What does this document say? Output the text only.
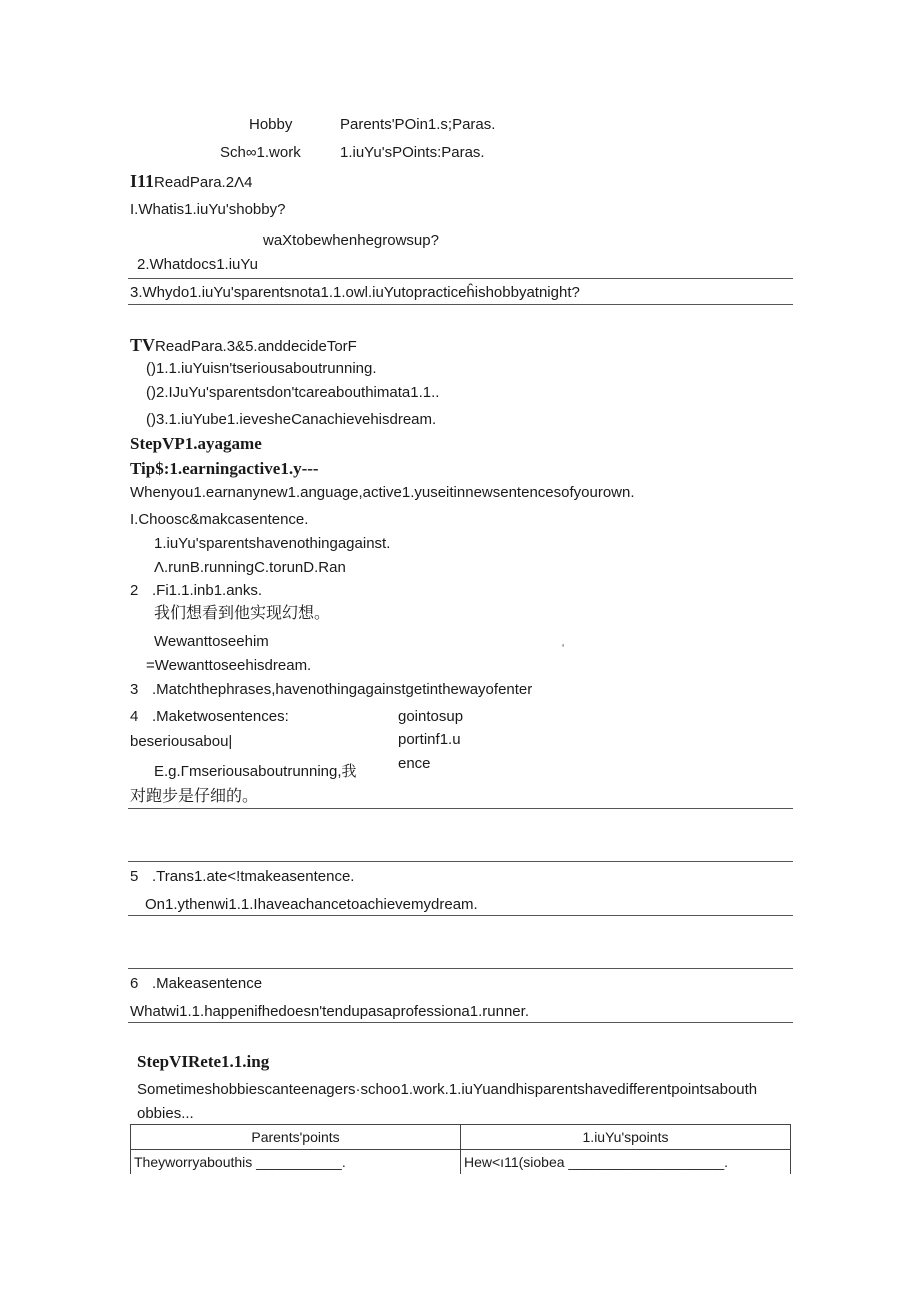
Hobby	Parents'POin1.s;Paras.
Sch∞1.work	1.iuYu'sPOints:Paras.
I11ReadPara.2Λ4
I.Whatis1.iuYu'shobby?
waXtobewhenhegrowsup?
2.Whatdocs1.iuYu
3.Whydo1.iuYu'sparentsnota1.1.owl.iuYutopracticeĥishobbyatnight?
TVReadPara.3&5.anddecideTorF
()1.1.iuYuisn'tseriousaboutrunning.
()2.IJuYu'sparentsdon'tcareabouthimata1.1..
()3.1.iuYube1.ievesheCanachievehisdream.
StepVP1.ayagame
Tip$:1.earningactive1.y---
Whenyou1.earnanynew1.anguage,active1.yuseitinnewsentencesofyourown.
I.Choosc&makcasentence.
1.iuYu'sparentshavenothingagainst.
Λ.runB.runningC.torunD.Ran
2 .Fi1.1.inb1.anks.
我们想看到他实现幻想。
Wewanttoseehim	‘
=Wewanttoseehisdream.
3 .Matchthephrases,havenothingagainstgetinthewayofenter
4 .Maketwosentences:	gointosup
beseriousabou|	portinf1.u
ence
E.g.Γmseriousaboutrunning,我
对跑步是仔细的。
5 .Trans1.ate<!tmakeasentence.
On1.ythenwi1.1.Ihaveachancetoachievemydream.
6 .Makeasentence
Whatwi1.1.happenifhedoesn'tendupasaprofessiona1.runner.
StepVIRete1.1.ing
Sometimeshobbiescanteenagers·schoo1.work.1.iuYuandhisparentshavedifferentpointsabouth
obbies...
Parents'points	1.iuYu'spoints
Theyworryabouthis ___________.	Hew<ı11(siobea ____________________.
